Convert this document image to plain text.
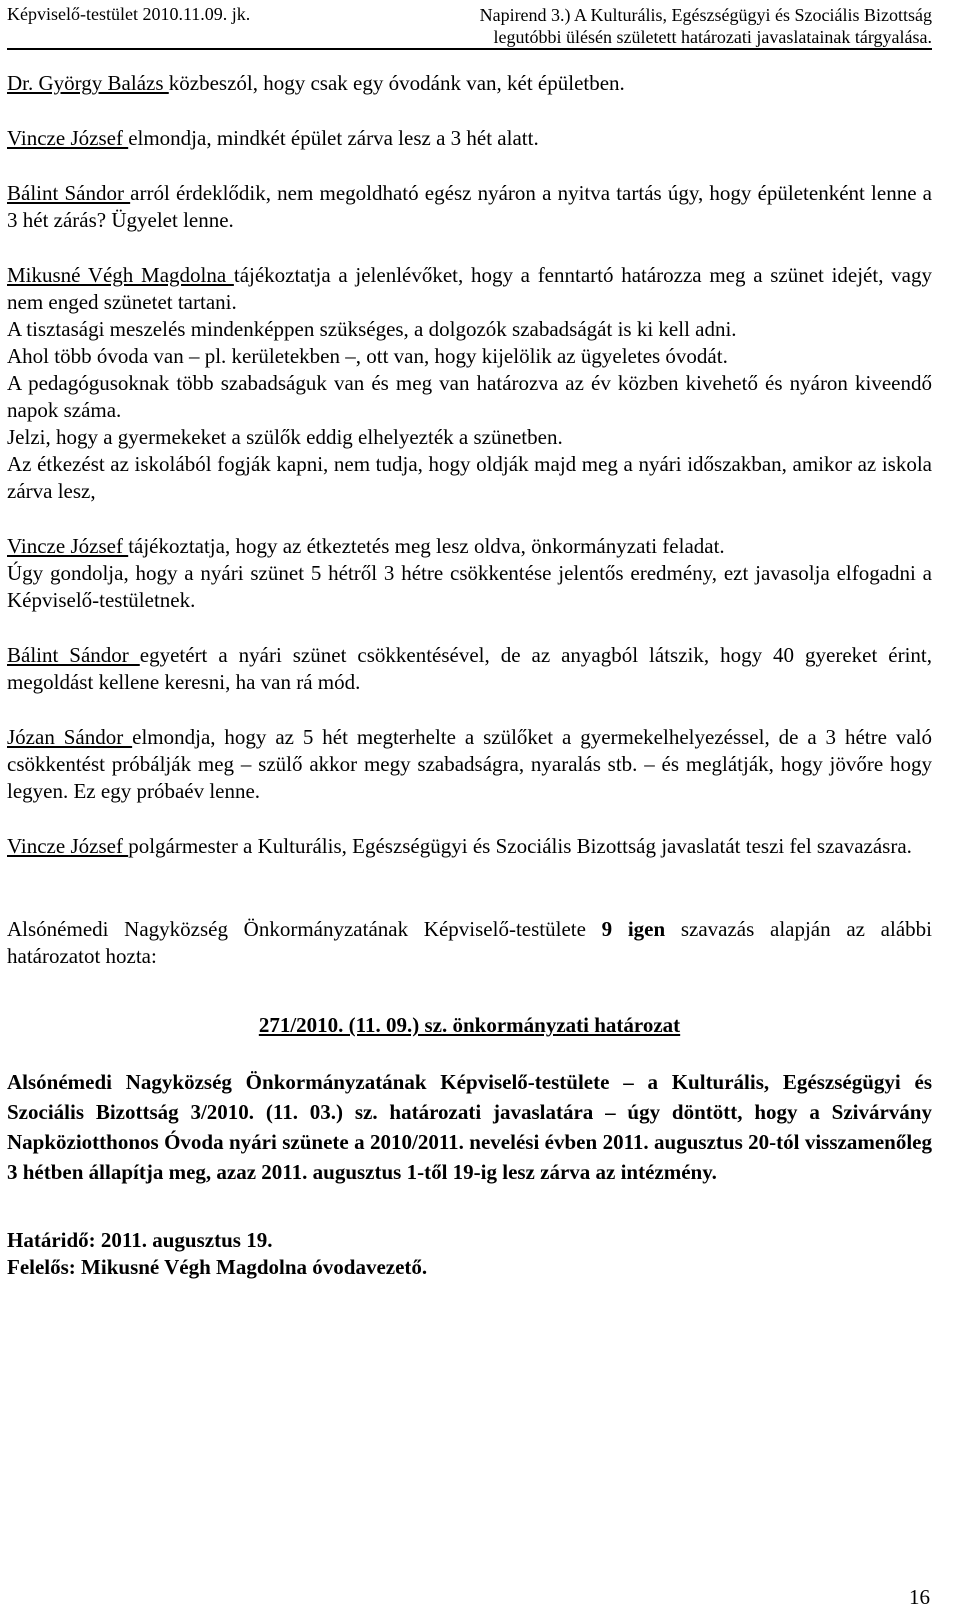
Képviselő-testület 2010.11.09. jk.	Napirend 3.) A Kulturális, Egészségügyi és Szociális Bizottság
legutóbbi ülésén született határozati javaslatainak tárgyalása.

Dr. György Balázs közbeszól, hogy csak egy óvodánk van, két épületben.

Vincze József elmondja, mindkét épület zárva lesz a 3 hét alatt.

Bálint Sándor arról érdeklődik, nem megoldható egész nyáron a nyitva tartás úgy, hogy épületenként lenne a 3 hét zárás? Ügyelet lenne.

Mikusné Végh Magdolna tájékoztatja a jelenlévőket, hogy a fenntartó határozza meg a szünet idejét, vagy nem enged szünetet tartani.

A tisztasági meszelés mindenképpen szükséges, a dolgozók szabadságát is ki kell adni.

Ahol több óvoda van – pl. kerületekben –, ott van, hogy kijelölik az ügyeletes óvodát.

A pedagógusoknak több szabadságuk van és meg van határozva az év közben kivehető és nyáron kiveendő napok száma.

Jelzi, hogy a gyermekeket a szülők eddig elhelyezték a szünetben.

Az étkezést az iskolából fogják kapni, nem tudja, hogy oldják majd meg a nyári időszakban, amikor az iskola zárva lesz,

Vincze József tájékoztatja, hogy az étkeztetés meg lesz oldva, önkormányzati feladat.

Úgy gondolja, hogy a nyári szünet 5 hétről 3 hétre csökkentése jelentős eredmény, ezt javasolja elfogadni a Képviselő-testületnek.

Bálint Sándor egyetért a nyári szünet csökkentésével, de az anyagból látszik, hogy 40 gyereket érint, megoldást kellene keresni, ha van rá mód.

Józan Sándor elmondja, hogy az 5 hét megterhelte a szülőket a gyermekelhelyezéssel, de a 3 hétre való csökkentést próbálják meg – szülő akkor megy szabadságra, nyaralás stb. – és meglátják, hogy jövőre hogy legyen. Ez egy próbaév lenne.

Vincze József polgármester a Kulturális, Egészségügyi és Szociális Bizottság javaslatát teszi fel szavazásra.

Alsónémedi Nagyközség Önkormányzatának Képviselő-testülete 9 igen szavazás alapján az alábbi határozatot hozta:

271/2010. (11. 09.) sz. önkormányzati határozat

Alsónémedi Nagyközség Önkormányzatának Képviselő-testülete – a Kulturális, Egészségügyi és Szociális Bizottság 3/2010. (11. 03.) sz. határozati javaslatára – úgy döntött, hogy a Szivárvány Napköziotthonos Óvoda nyári szünete a 2010/2011. nevelési évben 2011. augusztus 20-tól visszamenőleg 3 hétben állapítja meg, azaz 2011. augusztus 1-től 19-ig lesz zárva az intézmény.

Határidő: 2011. augusztus 19.

Felelős: Mikusné Végh Magdolna óvodavezető.

16
